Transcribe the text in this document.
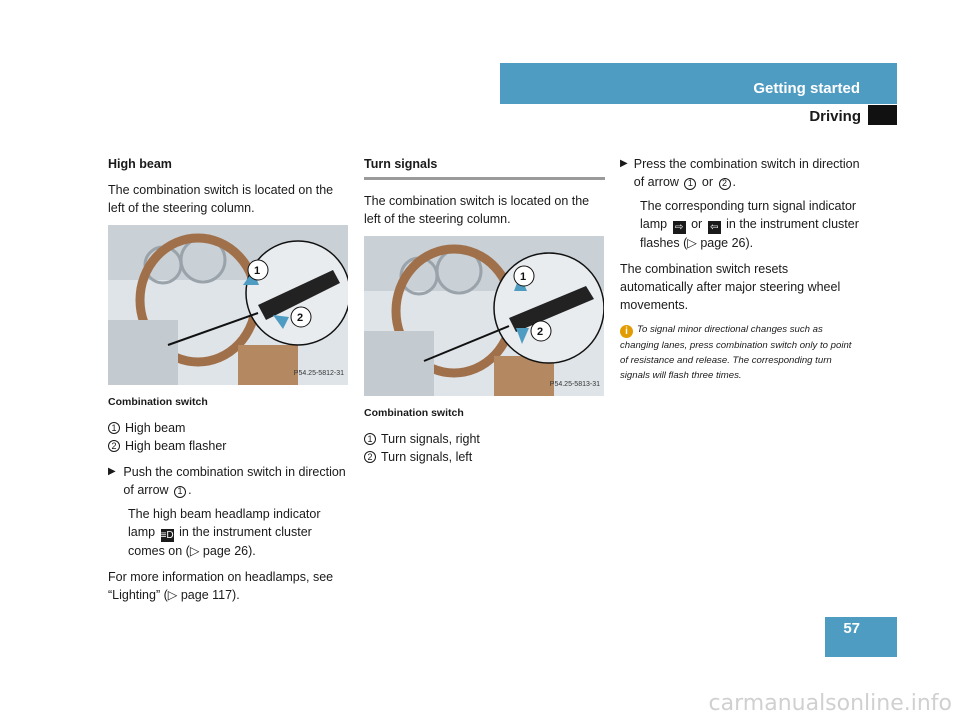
Getting started
Driving
High beam

The combination switch is located on the left of the steering column.

1
2
P54.25-5812-31
Combination switch
1 High beam
2 High beam flasher
▶ Push the combination switch in direction of arrow 1 .

The high beam headlamp indicator lamp ≡D in the instrument cluster comes on (▷ page 26).

For more information on headlamps, see “Lighting” (▷ page 117).

Turn signals

The combination switch is located on the left of the steering column.

1
2
P54.25-5813-31
Combination switch
1 Turn signals, right
2 Turn signals, left
▶ Press the combination switch in direction of arrow 1 or 2 .

The corresponding turn signal indicator lamp ⇨ or ⇦ in the instrument cluster flashes (▷ page 26).

The combination switch resets automatically after major steering wheel movements.

i To signal minor directional changes such as changing lanes, press combination switch only to point of resistance and release. The corresponding turn signals will flash three times.
57
carmanualsonline.info
